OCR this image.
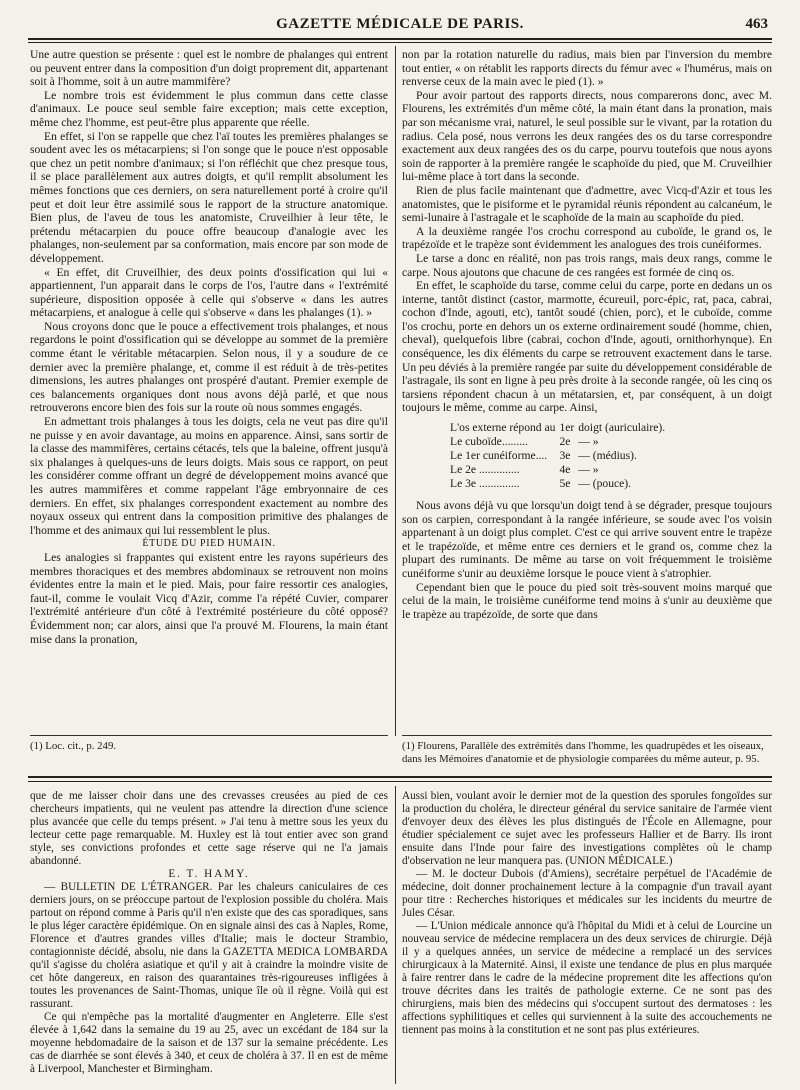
GAZETTE MÉDICALE DE PARIS.	463

Une autre question se présente : quel est le nombre de phalanges qui entrent ou peuvent entrer dans la composition d'un doigt proprement dit, appartenant soit à l'homme, soit à un autre mammifère?

Le nombre trois est évidemment le plus commun dans cette classe d'animaux. Le pouce seul semble faire exception; mais cette exception, même chez l'homme, est peut-être plus apparente que réelle.

En effet, si l'on se rappelle que chez l'aï toutes les premières phalanges se soudent avec les os métacarpiens; si l'on songe que le pouce n'est opposable que chez un petit nombre d'animaux; si l'on réfléchit que chez presque tous, il se place parallèlement aux autres doigts, et qu'il remplit absolument les mêmes fonctions que ces derniers, on sera naturellement porté à croire qu'il peut et doit leur être assimilé sous le rapport de la structure anatomique. Bien plus, de l'aveu de tous les anatomiste, Cruveilhier à leur tête, le prétendu métacarpien du pouce offre beaucoup d'analogie avec les phalanges, non-seulement par sa conformation, mais encore par son mode de développement.

« En effet, dit Cruveilhier, des deux points d'ossification qui lui « appartiennent, l'un apparait dans le corps de l'os, l'autre dans « l'extrémité supérieure, disposition opposée à celle qui s'observe « dans les autres métacarpiens, et analogue à celle qui s'observe « dans les phalanges (1). »

Nous croyons donc que le pouce a effectivement trois phalanges, et nous regardons le point d'ossification qui se développe au sommet de la première comme étant le véritable métacarpien. Selon nous, il y a soudure de ce dernier avec la première phalange, et, comme il est réduit à de très-petites dimensions, les autres phalanges ont prospéré d'autant. Premier exemple de ces balancements organiques dont nous avons déjà parlé, et que nous retrouverons encore bien des fois sur la route où nous sommes engagés.

En admettant trois phalanges à tous les doigts, cela ne veut pas dire qu'il ne puisse y en avoir davantage, au moins en apparence. Ainsi, sans sortir de la classe des mammifères, certains cétacés, tels que la baleine, offrent jusqu'à six phalanges à quelques-uns de leurs doigts. Mais sous ce rapport, on peut les considérer comme offrant un degré de développement moins avancé que les autres mammifères et comme rappelant l'âge embryonnaire de ces derniers. En effet, six phalanges correspondent exactement au nombre des noyaux osseux qui entrent dans la composition primitive des phalanges de l'homme et des animaux qui lui ressemblent le plus.

ÉTUDE DU PIED HUMAIN.

Les analogies si frappantes qui existent entre les rayons supérieurs des membres thoraciques et des membres abdominaux se retrouvent non moins évidentes entre la main et le pied. Mais, pour faire ressortir ces analogies, faut-il, comme le voulait Vicq d'Azir, comme l'a répété Cuvier, comparer l'extrémité antérieure d'un côté à l'extrémité postérieure du côté opposé? Évidemment non; car alors, ainsi que l'a prouvé M. Flourens, la main étant mise dans la pronation,

non par la rotation naturelle du radius, mais bien par l'inversion du membre tout entier, « on rétablit les rapports directs du fémur avec « l'humérus, mais on renverse ceux de la main avec le pied (1). »

Pour avoir partout des rapports directs, nous comparerons donc, avec M. Flourens, les extrémités d'un même côté, la main étant dans la pronation, mais par son mécanisme vrai, naturel, le seul possible sur le vivant, par la rotation du radius. Cela posé, nous verrons les deux rangées des os du tarse correspondre exactement aux deux rangées des os du carpe, pourvu toutefois que nous ayons soin de rapporter à la première rangée le scaphoïde du pied, que M. Cruveilhier lui-même place à tort dans la seconde.

Rien de plus facile maintenant que d'admettre, avec Vicq-d'Azir et tous les anatomistes, que le pisiforme et le pyramidal réunis répondent au calcanéum, le semi-lunaire à l'astragale et le scaphoïde de la main au scaphoïde du pied.

A la deuxième rangée l'os crochu correspond au cuboïde, le grand os, le trapézoïde et le trapèze sont évidemment les analogues des trois cunéiformes.

Le tarse a donc en réalité, non pas trois rangs, mais deux rangs, comme le carpe. Nous ajoutons que chacune de ces rangées est formée de cinq os.

En effet, le scaphoïde du tarse, comme celui du carpe, porte en dedans un os interne, tantôt distinct (castor, marmotte, écureuil, porc-épic, rat, paca, cabrai, cochon d'Inde, agouti, etc), tantôt soudé (chien, porc), et le cuboïde, comme l'os crochu, porte en dehors un os externe ordinairement soudé (homme, chien, cheval), quelquefois libre (cabrai, cochon d'Inde, agouti, ornithorhynque). En conséquence, les dix éléments du carpe se retrouvent exactement dans le tarse. Un peu déviés à la première rangée par suite du développement considérable de l'astragale, ils sont en ligne à peu près droite à la seconde rangée, où les cinq os tarsiens répondent chacun à un métatarsien, et, par conséquent, à un doigt toujours le même, comme au carpe. Ainsi,

L'os externe répond au	1er	doigt (auriculaire).
Le cuboïde.........	2e	— »
Le 1er cunéiforme....	3e	— (médius).
Le 2e ..............	4e	— »
Le 3e ..............	5e	— (pouce).

Nous avons déjà vu que lorsqu'un doigt tend à se dégrader, presque toujours son os carpien, correspondant à la rangée inférieure, se soude avec l'os voisin appartenant à un doigt plus complet. C'est ce qui arrive souvent entre le trapèze et le trapézoïde, et même entre ces derniers et le grand os, comme chez la plupart des ruminants. De même au tarse on voit fréquemment le troisième cunéiforme s'unir au deuxième lorsque le pouce vient à s'atrophier.

Cependant bien que le pouce du pied soit très-souvent moins marqué que celui de la main, le troisième cunéiforme tend moins à s'unir au deuxième que le trapèze au trapézoïde, de sorte que dans

(1) Loc. cit., p. 249.	(1) Flourens, Parallèle des extrémités dans l'homme, les quadrupèdes et les oiseaux, dans les Mémoires d'anatomie et de physiologie comparées du même auteur, p. 95.

que de me laisser choir dans une des crevasses creusées au pied de ces chercheurs impatients, qui ne veulent pas attendre la direction d'une science plus avancée que celle du temps présent. » J'ai tenu à mettre sous les yeux du lecteur cette page remarquable. M. Huxley est là tout entier avec son grand style, ses convictions profondes et cette sage réserve qui ne l'a jamais abandonné.

E. T. HAMY.

— BULLETIN DE L'ÉTRANGER. Par les chaleurs caniculaires de ces derniers jours, on se préoccupe partout de l'explosion possible du choléra. Mais partout on répond comme à Paris qu'il n'en existe que des cas sporadiques, sans le plus léger caractère épidémique. On en signale ainsi des cas à Naples, Rome, Florence et d'autres grandes villes d'Italie; mais le docteur Strambio, contagionniste décidé, absolu, nie dans la GAZETTA MEDICA LOMBARDA qu'il s'agisse du choléra asiatique et qu'il y ait à craindre la moindre visite de cet hôte dangereux, en raison des quarantaines très-rigoureuses infligées à toutes les provenances de Saint-Thomas, unique île où il règne. Voilà qui est rassurant.

Ce qui n'empêche pas la mortalité d'augmenter en Angleterre. Elle s'est élevée à 1,642 dans la semaine du 19 au 25, avec un excédant de 184 sur la moyenne hebdomadaire de la saison et de 137 sur la semaine précédente. Les cas de diarrhée se sont élevés à 340, et ceux de choléra à 37. Il en est de même à Liverpool, Manchester et Birmingham.

Aussi bien, voulant avoir le dernier mot de la question des sporules fongoïdes sur la production du choléra, le directeur général du service sanitaire de l'armée vient d'envoyer deux des élèves les plus distingués de l'École en Allemagne, pour étudier spécialement ce sujet avec les professeurs Hallier et de Barry. Ils iront ensuite dans l'Inde pour faire des investigations complètes où le champ d'observation ne leur manquera pas. (UNION MÉDICALE.)

— M. le docteur Dubois (d'Amiens), secrétaire perpétuel de l'Académie de médecine, doit donner prochainement lecture à la compagnie d'un travail ayant pour titre : Recherches historiques et médicales sur les incidents du meurtre de Jules César.

— L'Union médicale annonce qu'à l'hôpital du Midi et à celui de Lourcine un nouveau service de médecine remplacera un des deux services de chirurgie. Déjà il y a quelques années, un service de médecine a remplacé un des services chirurgicaux à la Maternité. Ainsi, il existe une tendance de plus en plus marquée à faire rentrer dans le cadre de la médecine proprement dite les affections qu'on trouve décrites dans les traités de pathologie externe. Ce ne sont pas des chirurgiens, mais bien des médecins qui s'occupent surtout des dermatoses : les affections syphilitiques et celles qui surviennent à la suite des accouchements ne tiennent pas moins à la constitution et ne sont pas plus extérieures.
